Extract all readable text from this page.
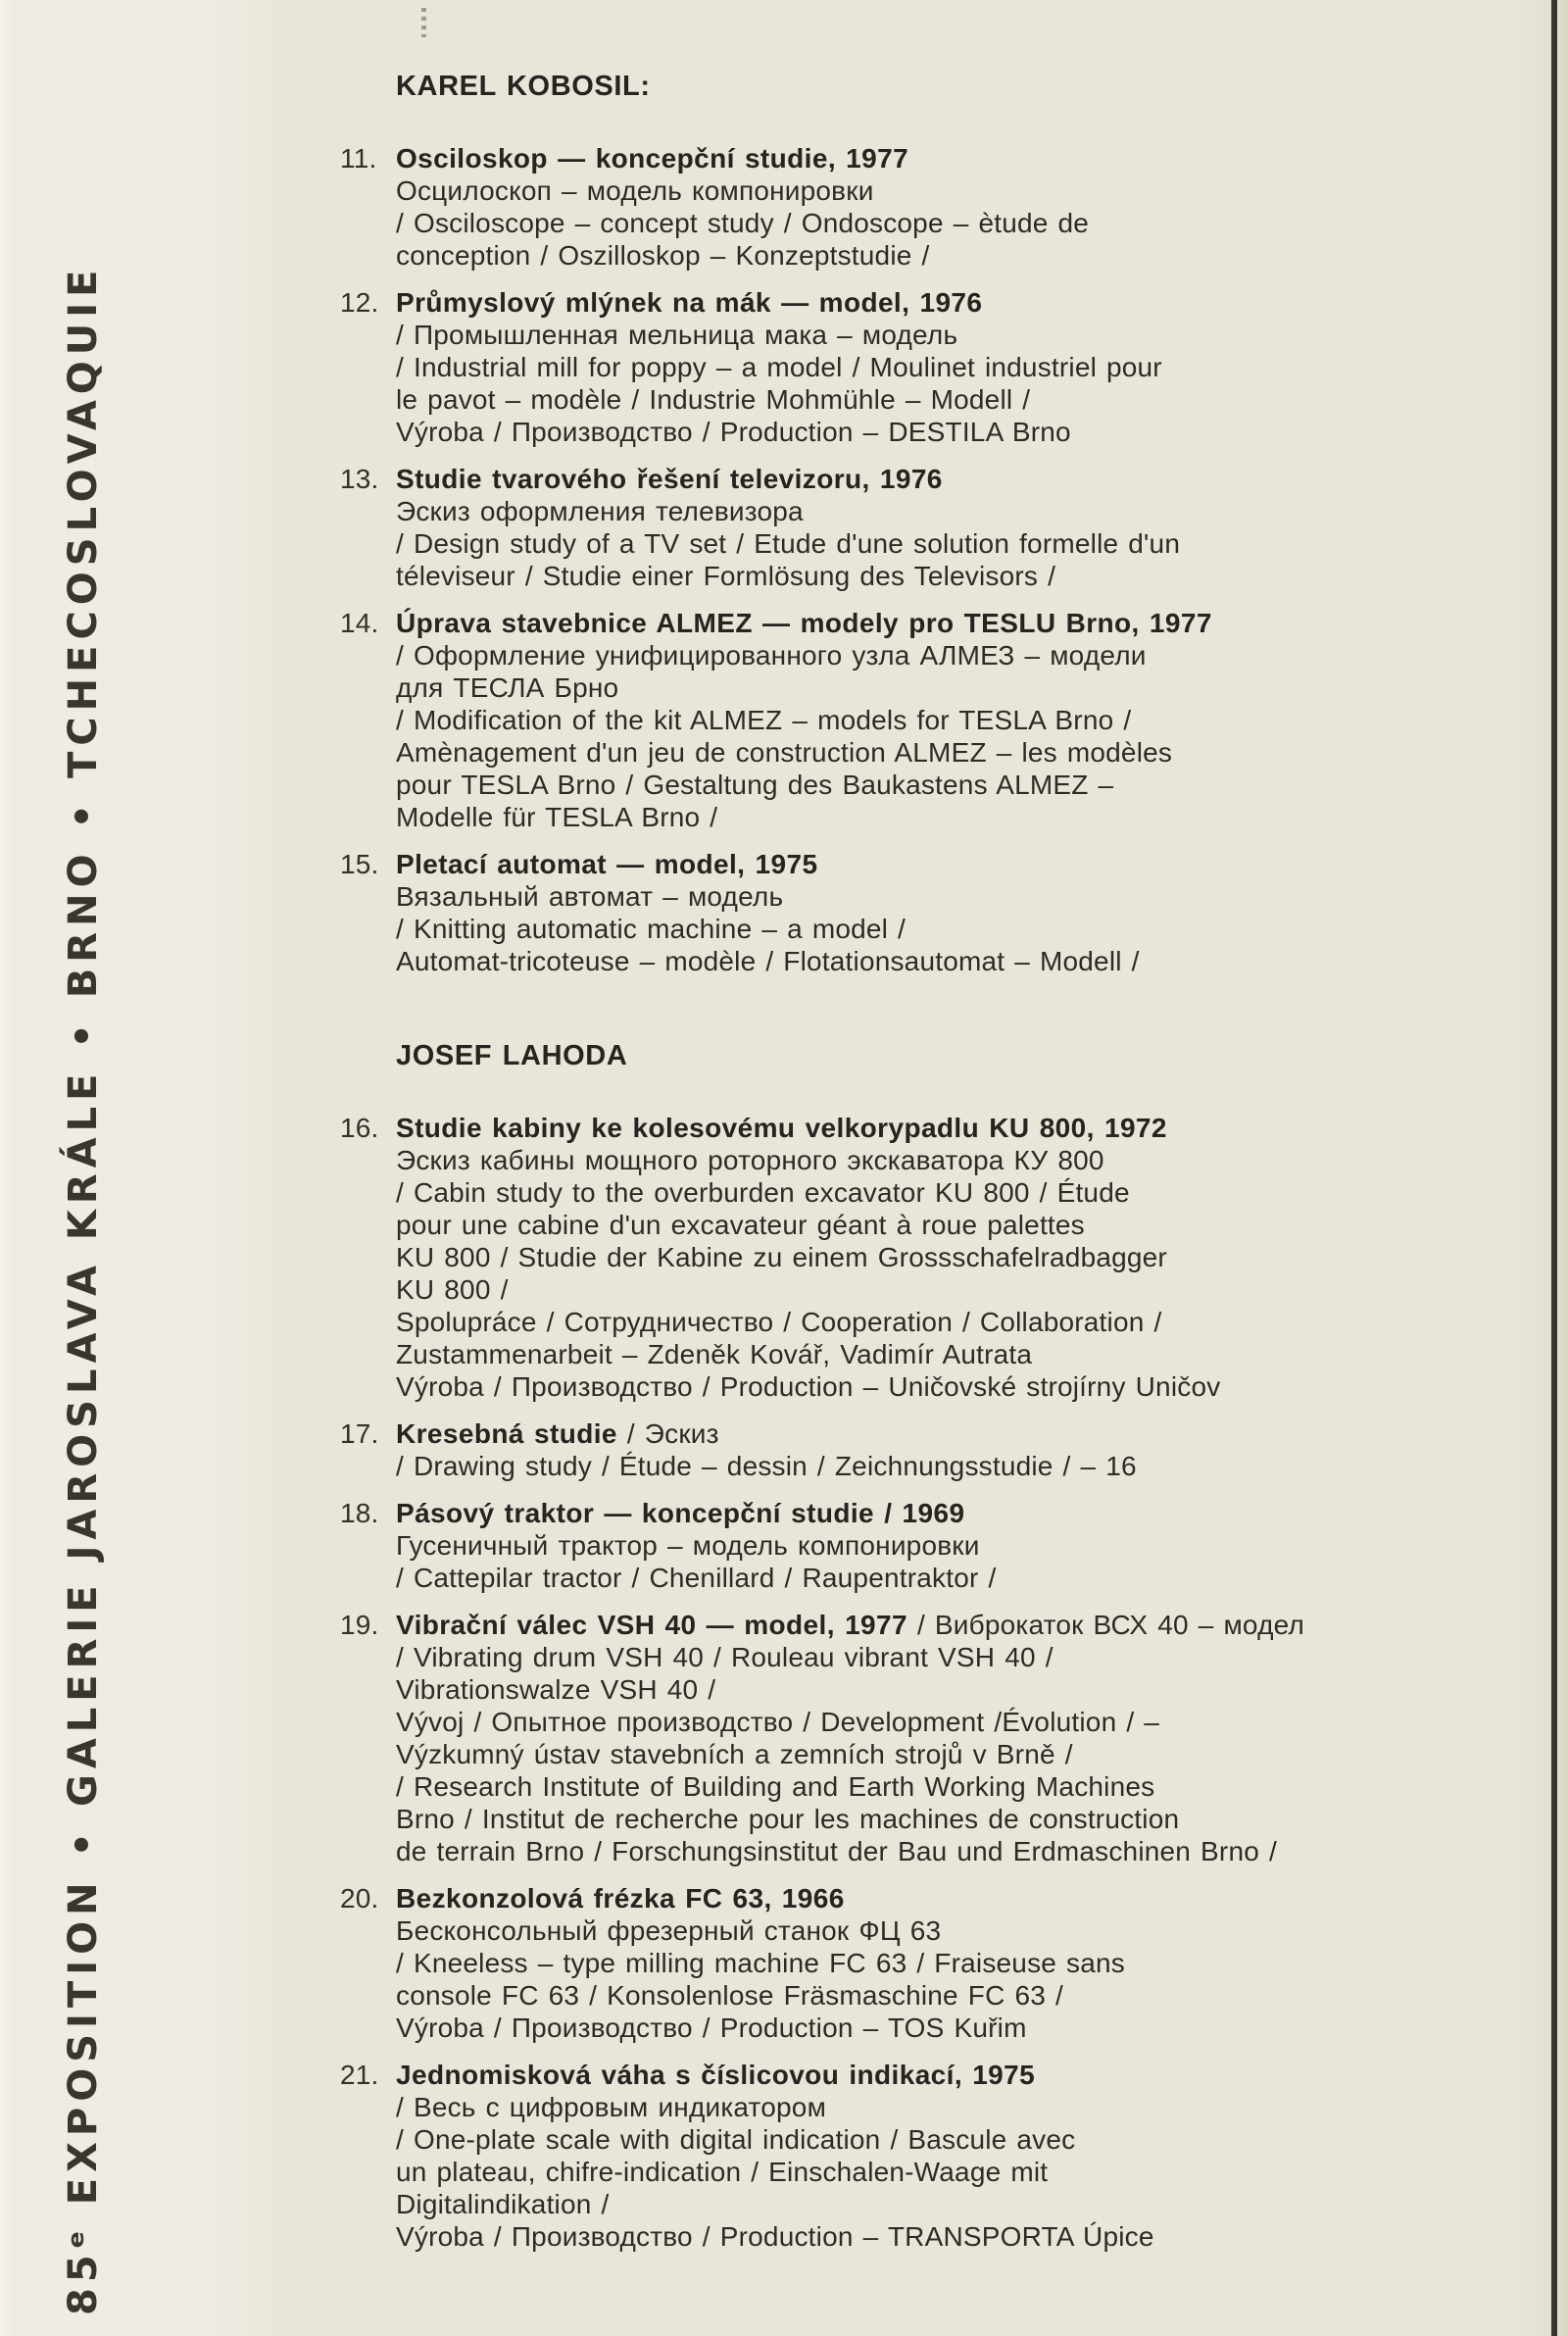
85ᵉ EXPOSITION • GALERIE JAROSLAVA KRÁLE • BRNO • TCHECOSLOVAQUIE
KAREL KOBOSIL:
11. Osciloskop — koncepční studie, 1977
Осцилоскоп – модель компонировки
/ Osciloscope – concept study / Ondoscope – ètude de
conception / Oszilloskop – Konzeptstudie /
12. Průmyslový mlýnek na mák — model, 1976
/ Промышленная мельница мака – модель
/ Industrial mill for poppy – a model / Moulinet industriel pour
le pavot – modèle / Industrie Mohmühle – Modell /
Výroba / Производство / Production – DESTILA Brno
13. Studie tvarového řešení televizoru, 1976
Эскиз оформления телевизора
/ Design study of a TV set / Etude d'une solution formelle d'un
téleviseur / Studie einer Formlösung des Televisors /
14. Úprava stavebnice ALMEZ — modely pro TESLU Brno, 1977
/ Оформление унифицированного узла АЛМЕЗ – модели
для ТЕСЛА Брно
/ Modification of the kit ALMEZ – models for TESLA Brno /
Amènagement d'un jeu de construction ALMEZ – les modèles
pour TESLA Brno / Gestaltung des Baukastens ALMEZ –
Modelle für TESLA Brno /
15. Pletací automat — model, 1975
Вязальный автомат – модель
/ Knitting automatic machine – a model /
Automat-tricoteuse – modèle / Flotationsautomat – Modell /
JOSEF LAHODA
16. Studie kabiny ke kolesovému velkorypadlu KU 800, 1972
Эскиз кабины мощного роторного экскаватора КУ 800
/ Cabin study to the overburden excavator KU 800 / Étude
pour une cabine d'un excavateur géant à roue palettes
KU 800 / Studie der Kabine zu einem Grossschafelradbagger
KU 800 /
Spolupráce / Сотрудничество / Cooperation / Collaboration /
Zustammenarbeit – Zdeněk Kovář, Vadimír Autrata
Výroba / Производство / Production – Uničovské strojírny Uničov
17. Kresebná studie / Эскиз
/ Drawing study / Étude – dessin / Zeichnungsstudie / – 16
18. Pásový traktor — koncepční studie / 1969
Гусеничный трактор – модель компонировки
/ Cattepilar tractor / Chenillard / Raupentraktor /
19. Vibrační válec VSH 40 — model, 1977 / Виброкаток ВСХ 40 – модел
/ Vibrating drum VSH 40 / Rouleau vibrant VSH 40 /
Vibrationswalze VSH 40 /
Vývoj / Опытное производство / Development /Évolution / –
Výzkumný ústav stavebních a zemních strojů v Brně /
/ Research Institute of Building and Earth Working Machines
Brno / Institut de recherche pour les machines de construction
de terrain Brno / Forschungsinstitut der Bau und Erdmaschinen Brno /
20. Bezkonzolová frézka FC 63, 1966
Бесконсольный фрезерный станок ФЦ 63
/ Kneeless – type milling machine FC 63 / Fraiseuse sans
console FC 63 / Konsolenlose Fräsmaschine FC 63 /
Výroba / Производство / Production – TOS Kuřim
21. Jednomisková váha s číslicovou indikací, 1975
/ Весь с цифровым индикатором
/ One-plate scale with digital indication / Bascule avec
un plateau, chifre-indication / Einschalen-Waage mit
Digitalindikation /
Výroba / Производство / Production – TRANSPORTA Úpice
